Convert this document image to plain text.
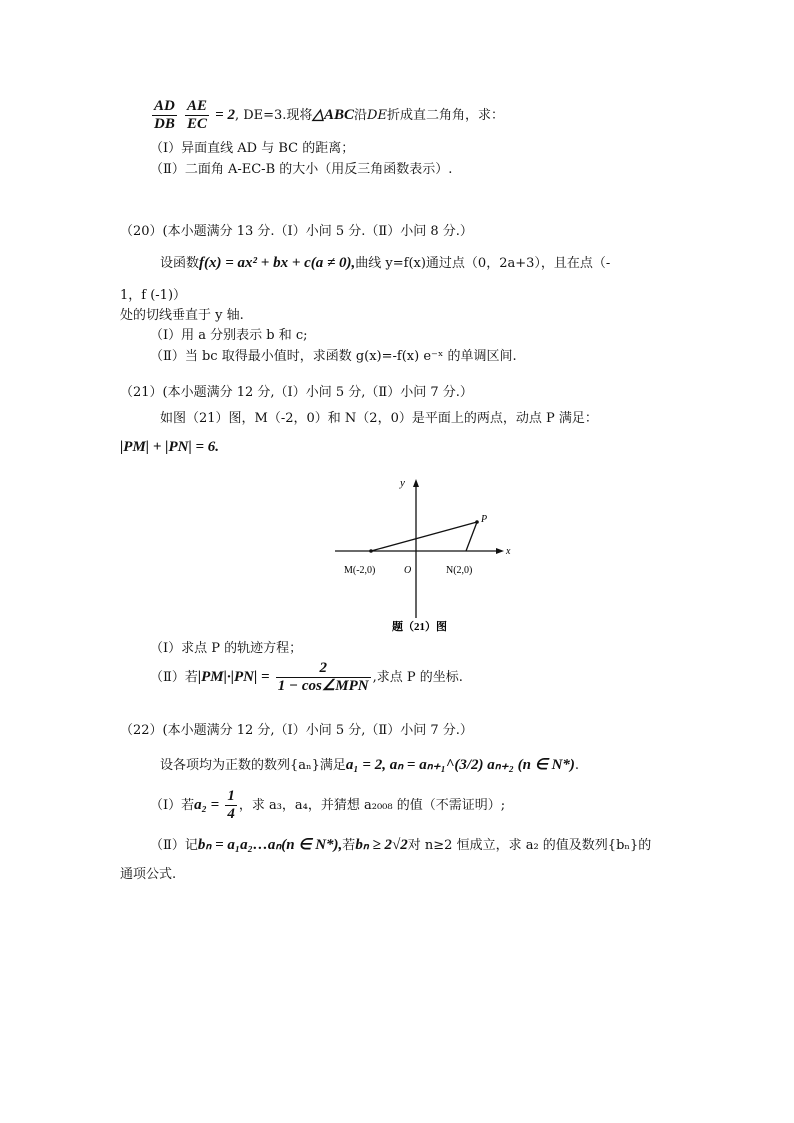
$\frac{AD}{DB}$
$\frac{AE}{EC} = 2$, DE=3.现将△ABC沿DE折成直二角角，求：
（Ⅰ）异面直线 AD 与 BC 的距离；
（Ⅱ）二面角 A-EC-B 的大小（用反三角函数表示）.
（20）(本小题满分 13 分.（Ⅰ）小问 5 分.（Ⅱ）小问 8 分.）
设函数f(x) = ax² + bx + c(a ≠ 0),曲线 y=f(x)通过点（0，2a+3），且在点（-
1，f (-1)）
处的切线垂直于 y 轴.
（Ⅰ）用 a 分别表示 b 和 c;
（Ⅱ）当 bc 取得最小值时，求函数 g(x)=-f(x) e⁻ˣ 的单调区间.
（21）(本小题满分 12 分,（Ⅰ）小问 5 分,（Ⅱ）小问 7 分.）
如图（21）图，M（-2，0）和 N（2，0）是平面上的两点，动点 P 满足：
|PM| + |PN| = 6.
y
x
P
M(-2,0)	O	N(2,0)
题（21）图
（Ⅰ）求点 P 的轨迹方程；
（Ⅱ）若$|PM|\cdot|PN| = \frac{2}{\text{1 − cos∠MPN}}$ ,求点 P 的坐标.
（22）(本小题满分 12 分,（Ⅰ）小问 5 分,（Ⅱ）小问 7 分.）
设各项均为正数的数列{aₙ}满足a₁ = 2, aₙ = aₙ₊₁^(3/2) aₙ₊₂ (n ∈ N*).
（Ⅰ）若$a_2 = \frac{1}{4}$ ，求 a₃，a₄，并猜想 a₂₀₀₈ 的值（不需证明）;
（Ⅱ）记bₙ = a₁a₂…aₙ(n ∈ N*),若bₙ ≥ 2√2对 n≥2 恒成立，求 a₂ 的值及数列{bₙ}的
通项公式.
